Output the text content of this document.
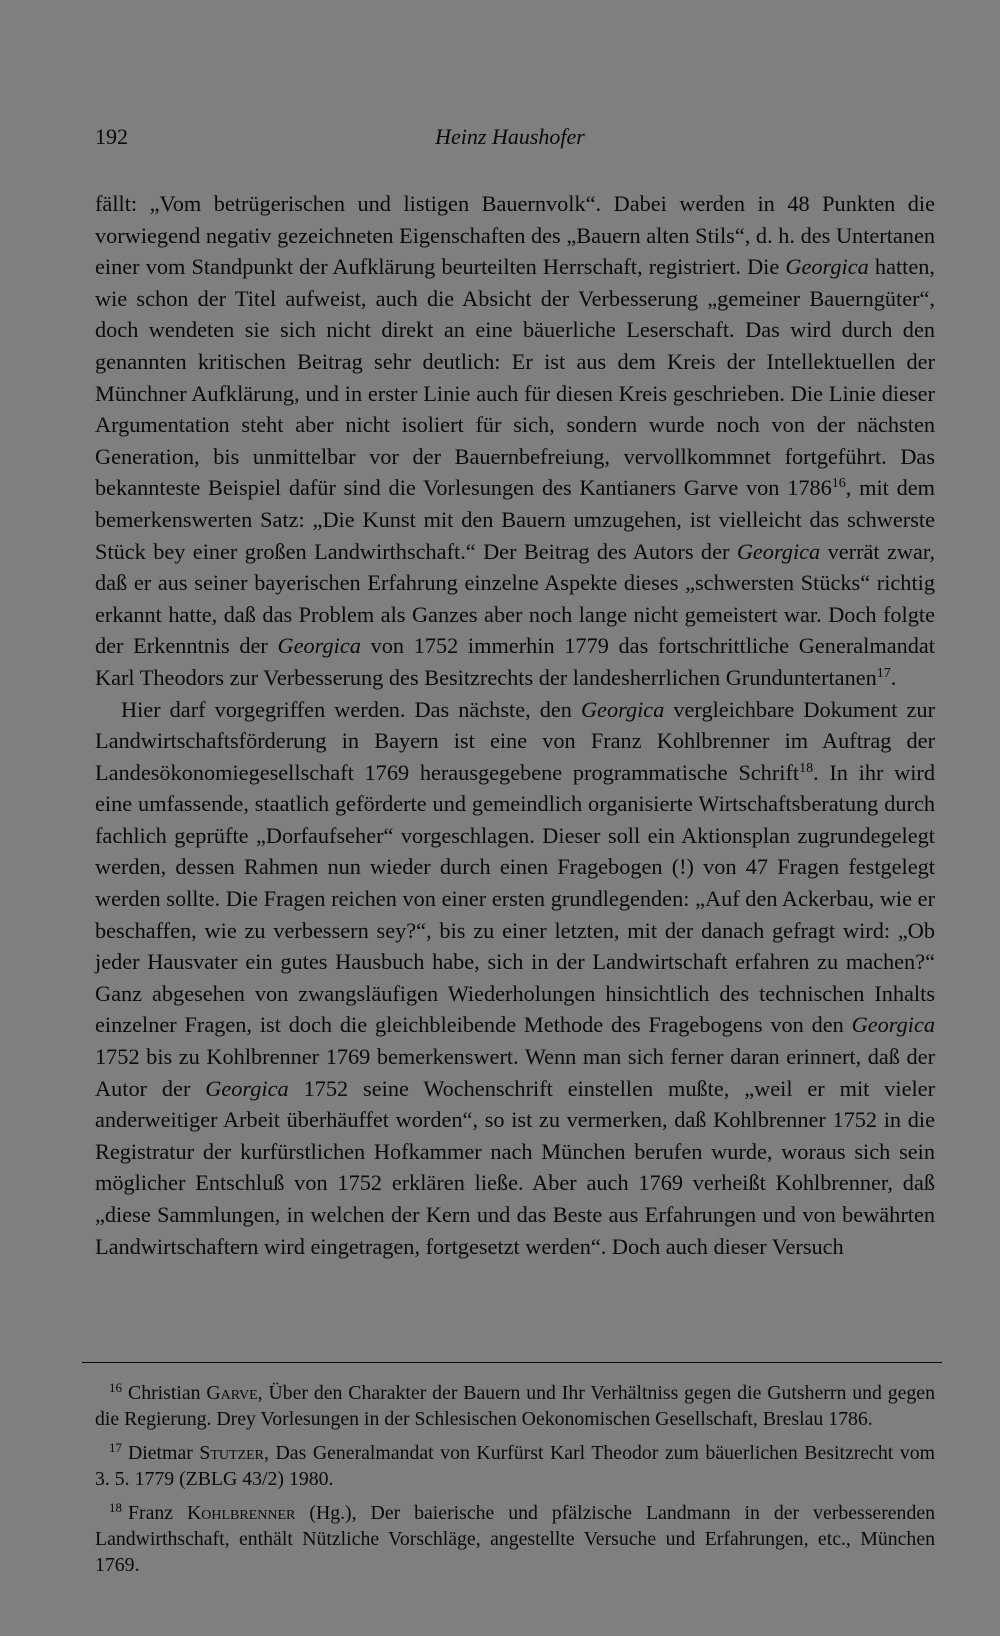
192	Heinz Haushofer

fällt: „Vom betrügerischen und listigen Bauernvolk“. Dabei werden in 48 Punkten die vorwiegend negativ gezeichneten Eigenschaften des „Bauern alten Stils“, d. h. des Untertanen einer vom Standpunkt der Aufklärung beurteilten Herrschaft, registriert. Die Georgica hatten, wie schon der Titel aufweist, auch die Absicht der Verbesserung „gemeiner Bauerngüter“, doch wendeten sie sich nicht direkt an eine bäuerliche Leserschaft. Das wird durch den genannten kritischen Beitrag sehr deutlich: Er ist aus dem Kreis der Intellektuellen der Münchner Aufklärung, und in erster Linie auch für diesen Kreis geschrieben. Die Linie dieser Argumentation steht aber nicht isoliert für sich, sondern wurde noch von der nächsten Generation, bis unmittelbar vor der Bauernbefreiung, vervollkommnet fortgeführt. Das bekannteste Beispiel dafür sind die Vorlesungen des Kantianers Garve von 1786$^{16}$, mit dem bemerkenswerten Satz: „Die Kunst mit den Bauern umzugehen, ist vielleicht das schwerste Stück bey einer großen Landwirthschaft.“ Der Beitrag des Autors der Georgica verrät zwar, daß er aus seiner bayerischen Erfahrung einzelne Aspekte dieses „schwersten Stücks“ richtig erkannt hatte, daß das Problem als Ganzes aber noch lange nicht gemeistert war. Doch folgte der Erkenntnis der Georgica von 1752 immerhin 1779 das fortschrittliche Generalmandat Karl Theodors zur Verbesserung des Besitzrechts der landesherrlichen Grunduntertanen$^{17}$.

Hier darf vorgegriffen werden. Das nächste, den Georgica vergleichbare Dokument zur Landwirtschaftsförderung in Bayern ist eine von Franz Kohlbrenner im Auftrag der Landesökonomiegesellschaft 1769 herausgegebene programmatische Schrift$^{18}$. In ihr wird eine umfassende, staatlich geförderte und gemeindlich organisierte Wirtschaftsberatung durch fachlich geprüfte „Dorfaufseher“ vorgeschlagen. Dieser soll ein Aktionsplan zugrundegelegt werden, dessen Rahmen nun wieder durch einen Fragebogen (!) von 47 Fragen festgelegt werden sollte. Die Fragen reichen von einer ersten grundlegenden: „Auf den Ackerbau, wie er beschaffen, wie zu verbessern sey?“, bis zu einer letzten, mit der danach gefragt wird: „Ob jeder Hausvater ein gutes Hausbuch habe, sich in der Landwirtschaft erfahren zu machen?“ Ganz abgesehen von zwangsläufigen Wiederholungen hinsichtlich des technischen Inhalts einzelner Fragen, ist doch die gleichbleibende Methode des Fragebogens von den Georgica 1752 bis zu Kohlbrenner 1769 bemerkenswert. Wenn man sich ferner daran erinnert, daß der Autor der Georgica 1752 seine Wochenschrift einstellen mußte, „weil er mit vieler anderweitiger Arbeit überhäuffet worden“, so ist zu vermerken, daß Kohlbrenner 1752 in die Registratur der kurfürstlichen Hofkammer nach München berufen wurde, woraus sich sein möglicher Entschluß von 1752 erklären ließe. Aber auch 1769 verheißt Kohlbrenner, daß „diese Sammlungen, in welchen der Kern und das Beste aus Erfahrungen und von bewährten Landwirtschaftern wird eingetragen, fortgesetzt werden“. Doch auch dieser Versuch

$^{16}$ Christian Garve, Über den Charakter der Bauern und Ihr Verhältniss gegen die Gutsherrn und gegen die Regierung. Drey Vorlesungen in der Schlesischen Oekonomischen Gesellschaft, Breslau 1786.

$^{17}$ Dietmar Stutzer, Das Generalmandat von Kurfürst Karl Theodor zum bäuerlichen Besitzrecht vom 3. 5. 1779 (ZBLG 43/2) 1980.

$^{18}$ Franz Kohlbrenner (Hg.), Der baierische und pfälzische Landmann in der verbesserenden Landwirthschaft, enthält Nützliche Vorschläge, angestellte Versuche und Erfahrungen, etc., München 1769.
